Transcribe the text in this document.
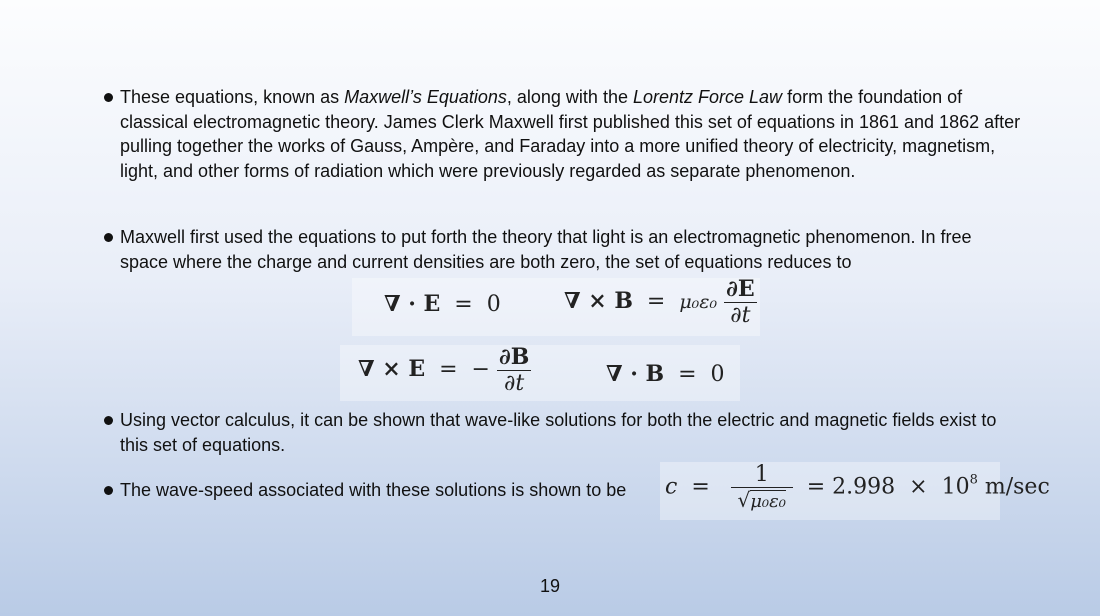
These equations, known as Maxwell’s Equations, along with the Lorentz Force Law form the foundation of classical electromagnetic theory. James Clerk Maxwell first published this set of equations in 1861 and 1862 after pulling together the works of Gauss, Ampère, and Faraday into a more unified theory of electricity, magnetism, light, and other forms of radiation which were previously regarded as separate phenomenon.
Maxwell first used the equations to put forth the theory that light is an electromagnetic phenomenon. In free space where the charge and current densities are both zero, the set of equations reduces to
∇ · E  =  0	∇ × $B = \mu_0\varepsilon_0 \frac{\partial E}{\partial t}$
∇ × E  =  − $\frac{\partial B}{\partial t}$	∇ · B  =  0
Using vector calculus, it can be shown that wave-like solutions for both the electric and magnetic fields exist to this set of equations.
The wave-speed associated with these solutions is shown to be $c = \frac{1}{\text{√μ₀ε₀}} = 2.998 \times 10^8$ m/sec
19
